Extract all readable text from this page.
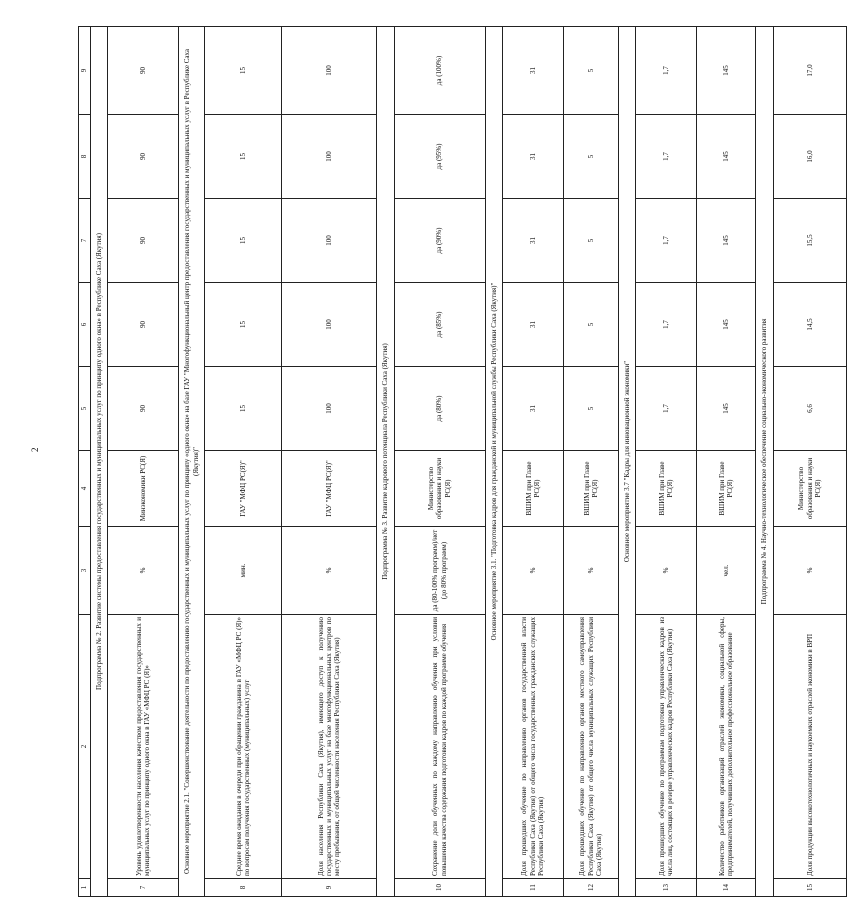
2
1	2	3	4	5	6	7	8	9
Подпрограмма № 2. Развитие системы предоставления государственных и муниципальных услуг по принципу одного окна» в Республике Саха (Якутия)								
7	Уровень удовлетворенности населения качеством предоставления государственных и муниципальных услуг по принципу одного окна в ГАУ «МФЦ РС (Я)»	%	Минэкономики РС(Я)	90	90	90	90	90
Основное мероприятие 2.1. "Совершенствование деятельности по предоставлению государственных и муниципальных услуг по принципу «одного окна» на базе ГАУ "Многофункциональный центр предоставления государственных и муниципальных услуг в Республике Саха (Якутия)"								
8	Среднее время ожидания в очереди при обращении гражданина в ГАУ «МФЦ РС (Я)» по вопросам получения государственных (муниципальных) услуг	мин.	ГАУ "МФЦ РС(Я)"	15	15	15	15	15
9	Доля населения Республики Саха (Якутия), имеющего доступ к получению государственных и муниципальных услуг на базе многофункциональных центров по месту пребывания, от общей численности населения Республики Саха (Якутия)	%	ГАУ "МФЦ РС(Я)"	100	100	100	100	100
Подпрограмма № 3. Развитие кадрового потенциала Республики Саха (Якутия)								
10	Сохранение доли обученных по каждому направлению обучения при условии повышения качества содержания подготовки кадров по каждой программе обучения	да (80-100% программ)/нет (до 80% программ)	Министерство образования и науки РС(Я)	да (80%)	да (85%)	да (90%)	да (95%)	да (100%)
Основное мероприятие 3.1. "Подготовка кадров для гражданской и муниципальной службы Республики Саха (Якутия)"								
11	Доля прошедших обучение по направлению органов государственной власти Республики Саха (Якутия) от общего числа государственных гражданских служащих Республики Саха (Якутия)	%	ВШИМ при Главе РС(Я)	31	31	31	31	31
12	Доля прошедших обучение по направлению органов местного самоуправления Республики Саха (Якутия) от общего числа муниципальных служащих Республики Саха (Якутия)	%	ВШИМ при Главе РС(Я)	5	5	5	5	5
Основное мероприятие 3.7 "Кадры для инновационной экономики"								
13	Доля прошедших обучение по программам подготовки управленческих кадров из числа лиц, состоящих в резерве управленческих кадров Республики Саха (Якутия)	%	ВШИМ при Главе РС(Я)	1,7	1,7	1,7	1,7	1,7
14	Количество работников организаций отраслей экономики, социальной сферы, предпринимателей, получивших дополнительное профессиональное образование	чел.	ВШИМ при Главе РС(Я)	145	145	145	145	145
Подпрограмма № 4. Научно-технологическое обеспечение социально-экономического развития								
15	Доля продукции высокотехнологичных и наукоемких отраслей экономики в ВРП	%	Министерство образования и науки РС(Я)	6,6	14,5	15,5	16,0	17,0
